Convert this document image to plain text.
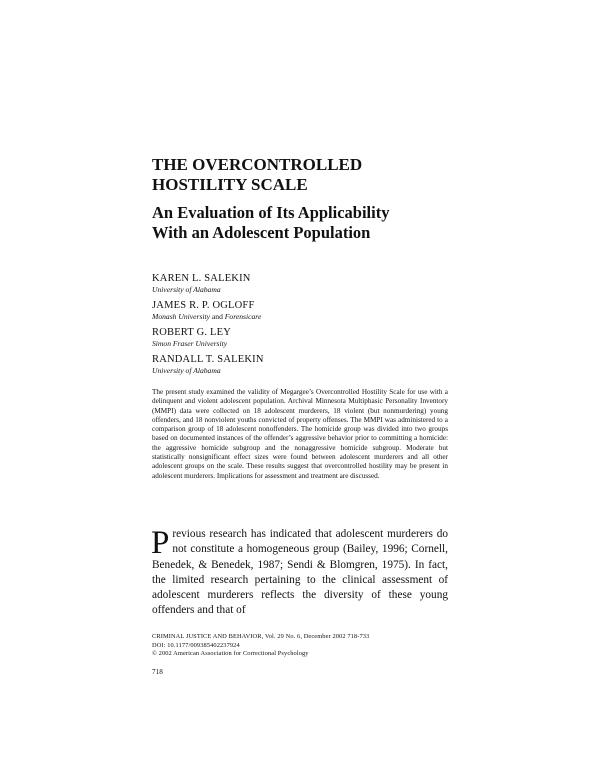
THE OVERCONTROLLED
HOSTILITY SCALE
An Evaluation of Its Applicability
With an Adolescent Population
KAREN L. SALEKIN
University of Alabama
JAMES R. P. OGLOFF
Monash University and Forensicare
ROBERT G. LEY
Simon Fraser University
RANDALL T. SALEKIN
University of Alabama

The present study examined the validity of Megargee’s Overcontrolled Hostility Scale for use with a delinquent and violent adolescent population. Archival Minnesota Multiphasic Personality Inventory (MMPI) data were collected on 18 adolescent murderers, 18 violent (but nonmurdering) young offenders, and 18 nonviolent youths convicted of property offenses. The MMPI was administered to a comparison group of 18 adolescent nonoffenders. The homicide group was divided into two groups based on documented instances of the offender’s aggressive behavior prior to committing a homicide: the aggressive homicide subgroup and the nonaggressive homicide subgroup. Moderate but statistically nonsignificant effect sizes were found between adolescent murderers and all other adolescent groups on the scale. These results suggest that overcontrolled hostility may be present in adolescent murderers. Implications for assessment and treatment are discussed.

Previous research has indicated that adolescent murderers do not constitute a homogeneous group (Bailey, 1996; Cornell, Benedek, & Benedek, 1987; Sendi & Blomgren, 1975). In fact, the limited research pertaining to the clinical assessment of adolescent murderers reflects the diversity of these young offenders and that of

CRIMINAL JUSTICE AND BEHAVIOR, Vol. 29 No. 6, December 2002 718-733
DOI: 10.1177/009385402237924
© 2002 American Association for Correctional Psychology
718
